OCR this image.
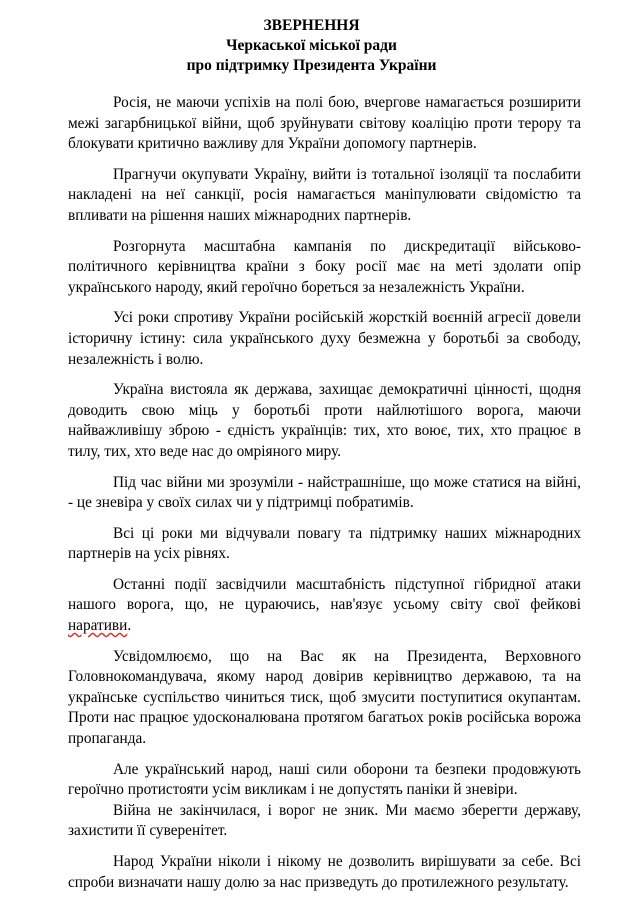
ЗВЕРНЕННЯ
Черкаської міської ради
про підтримку Президента України

Росія, не маючи успіхів на полі бою, вчергове намагається розширити межі загарбницької війни, щоб зруйнувати світову коаліцію проти терору та блокувати критично важливу для України допомогу партнерів.

Прагнучи окупувати Україну, вийти із тотальної ізоляції та послабити накладені на неї санкції, росія намагається маніпулювати свідомістю та впливати на рішення наших міжнародних партнерів.

Розгорнута масштабна кампанія по дискредитації військово-політичного керівництва країни з боку росії має на меті здолати опір українського народу, який героїчно бореться за незалежність України.

Усі роки спротиву України російській жорсткій воєнній агресії довели історичну істину: сила українського духу безмежна у боротьбі за свободу, незалежність і волю.

Україна вистояла як держава, захищає демократичні цінності, щодня доводить свою міць у боротьбі проти найлютішого ворога, маючи найважливішу зброю - єдність українців: тих, хто воює, тих, хто працює в тилу, тих, хто веде нас до омріяного миру.

Під час війни ми зрозуміли - найстрашніше, що може статися на війні, - це зневіра у своїх силах чи у підтримці побратимів.

Всі ці роки ми відчували повагу та підтримку наших міжнародних партнерів на усіх рівнях.

Останні події засвідчили масштабність підступної гібридної атаки нашого ворога, що, не цураючись, нав'язує усьому світу свої фейкові наративи.

Усвідомлюємо, що на Вас як на Президента, Верховного Головнокомандувача, якому народ довірив керівництво державою, та на українське суспільство чиниться тиск, щоб змусити поступитися окупантам. Проти нас працює удосконалювана протягом багатьох років російська ворожа пропаганда.

Але український народ, наші сили оборони та безпеки продовжують героїчно протистояти усім викликам і не допустять паніки й зневіри.

Війна не закінчилася, і ворог не зник. Ми маємо зберегти державу, захистити її суверенітет.

Народ України ніколи і нікому не дозволить вирішувати за себе. Всі спроби визначати нашу долю за нас призведуть до протилежного результату.
